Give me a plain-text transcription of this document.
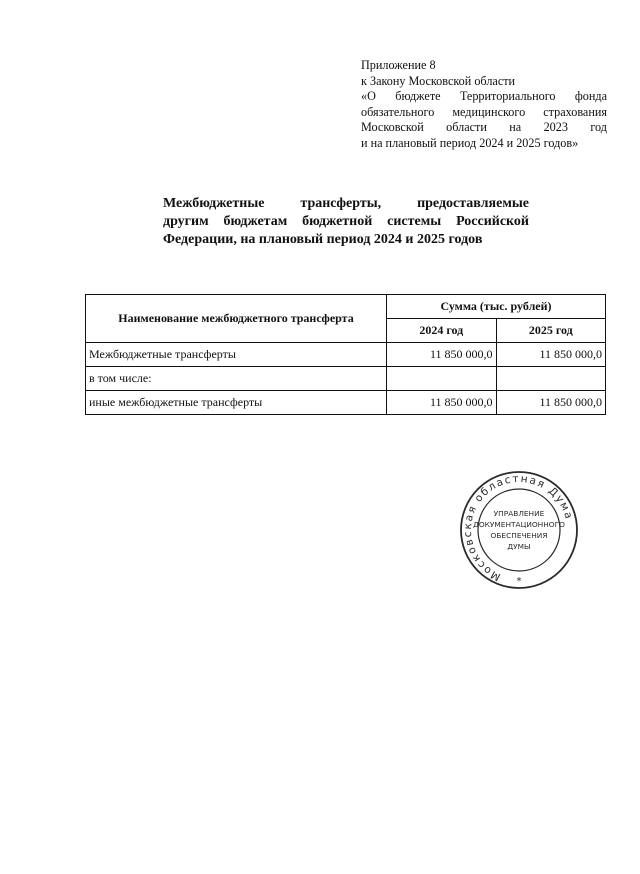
Приложение 8
к Закону Московской области
«О бюджете Территориального фонда
обязательного медицинского страхования
Московской области на 2023 год
и на плановый период 2024 и 2025 годов»
Межбюджетные трансферты, предоставляемые
другим бюджетам бюджетной системы Российской
Федерации, на плановый период 2024 и 2025 годов
Наименование межбюджетного трансферта	Сумма (тыс. рублей)	
	2024 год	2025 год
Межбюджетные трансферты	11 850 000,0	11 850 000,0
в том числе:		
иные межбюджетные трансферты	11 850 000,0	11 850 000,0
Московская областная Дума
УПРАВЛЕНИЕ
ДОКУМЕНТАЦИОННОГО
ОБЕСПЕЧЕНИЯ
ДУМЫ
*
